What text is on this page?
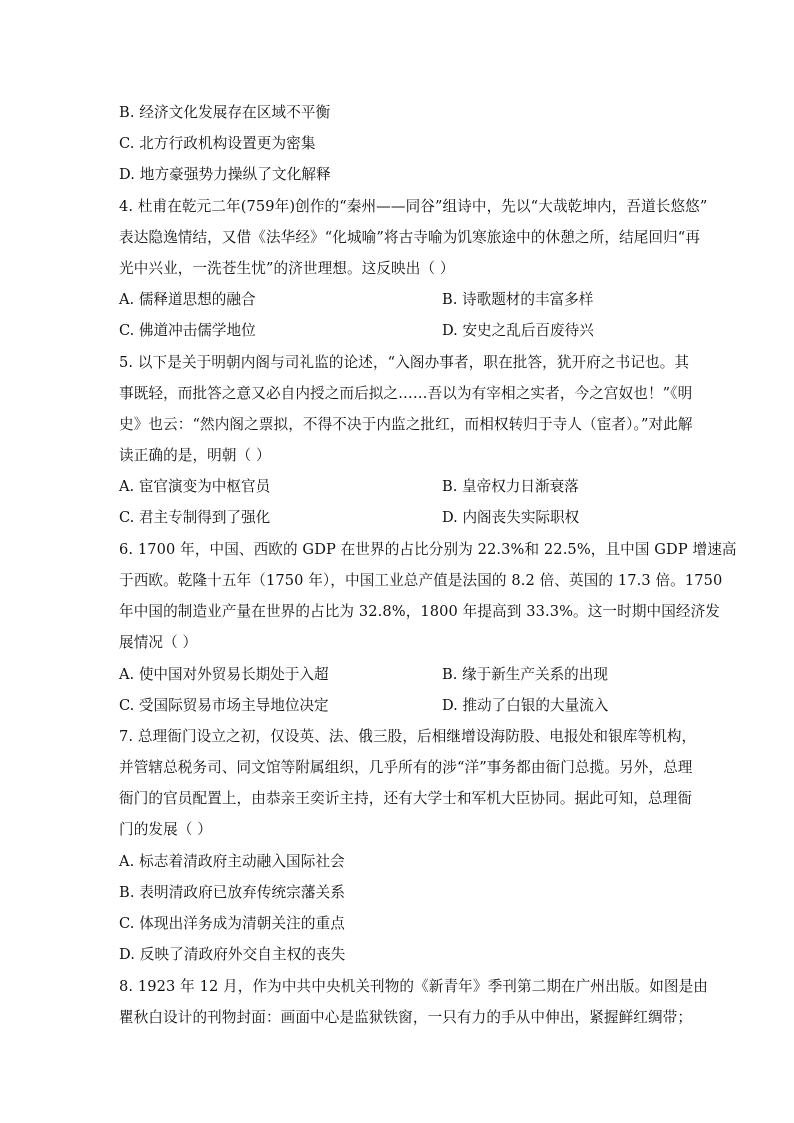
B. 经济文化发展存在区域不平衡
C. 北方行政机构设置更为密集
D. 地方豪强势力操纵了文化解释
4. 杜甫在乾元二年(759年)创作的“秦州——同谷”组诗中，先以“大哉乾坤内，吾道长悠悠”
表达隐逸情结，又借《法华经》“化城喻”将古寺喻为饥寒旅途中的休憩之所，结尾回归“再
光中兴业，一洗苍生忧”的济世理想。这反映出（ ）
A. 儒释道思想的融合	B. 诗歌题材的丰富多样
C. 佛道冲击儒学地位	D. 安史之乱后百废待兴
5. 以下是关于明朝内阁与司礼监的论述，“入阁办事者，职在批答，犹开府之书记也。其
事既轻，而批答之意又必自内授之而后拟之……吾以为有宰相之实者，今之宫奴也！”《明
史》也云：“然内阁之票拟，不得不决于内监之批红，而相权转归于寺人（宦者）。”对此解
读正确的是，明朝（ ）
A. 宦官演变为中枢官员	B. 皇帝权力日渐衰落
C. 君主专制得到了强化	D. 内阁丧失实际职权
6. 1700 年，中国、西欧的 GDP 在世界的占比分别为 22.3%和 22.5%，且中国 GDP 增速高
于西欧。乾隆十五年（1750 年），中国工业总产值是法国的 8.2 倍、英国的 17.3 倍。1750
年中国的制造业产量在世界的占比为 32.8%，1800 年提高到 33.3%。这一时期中国经济发
展情况（ ）
A. 使中国对外贸易长期处于入超	B. 缘于新生产关系的出现
C. 受国际贸易市场主导地位决定	D. 推动了白银的大量流入
7. 总理衙门设立之初，仅设英、法、俄三股，后相继增设海防股、电报处和银库等机构，
并管辖总税务司、同文馆等附属组织，几乎所有的涉“洋”事务都由衙门总揽。另外，总理
衙门的官员配置上，由恭亲王奕䜣主持，还有大学士和军机大臣协同。据此可知，总理衙
门的发展（ ）
A. 标志着清政府主动融入国际社会
B. 表明清政府已放弃传统宗藩关系
C. 体现出洋务成为清朝关注的重点
D. 反映了清政府外交自主权的丧失
8. 1923 年 12 月，作为中共中央机关刊物的《新青年》季刊第二期在广州出版。如图是由
瞿秋白设计的刊物封面：画面中心是监狱铁窗，一只有力的手从中伸出，紧握鲜红绸带；
